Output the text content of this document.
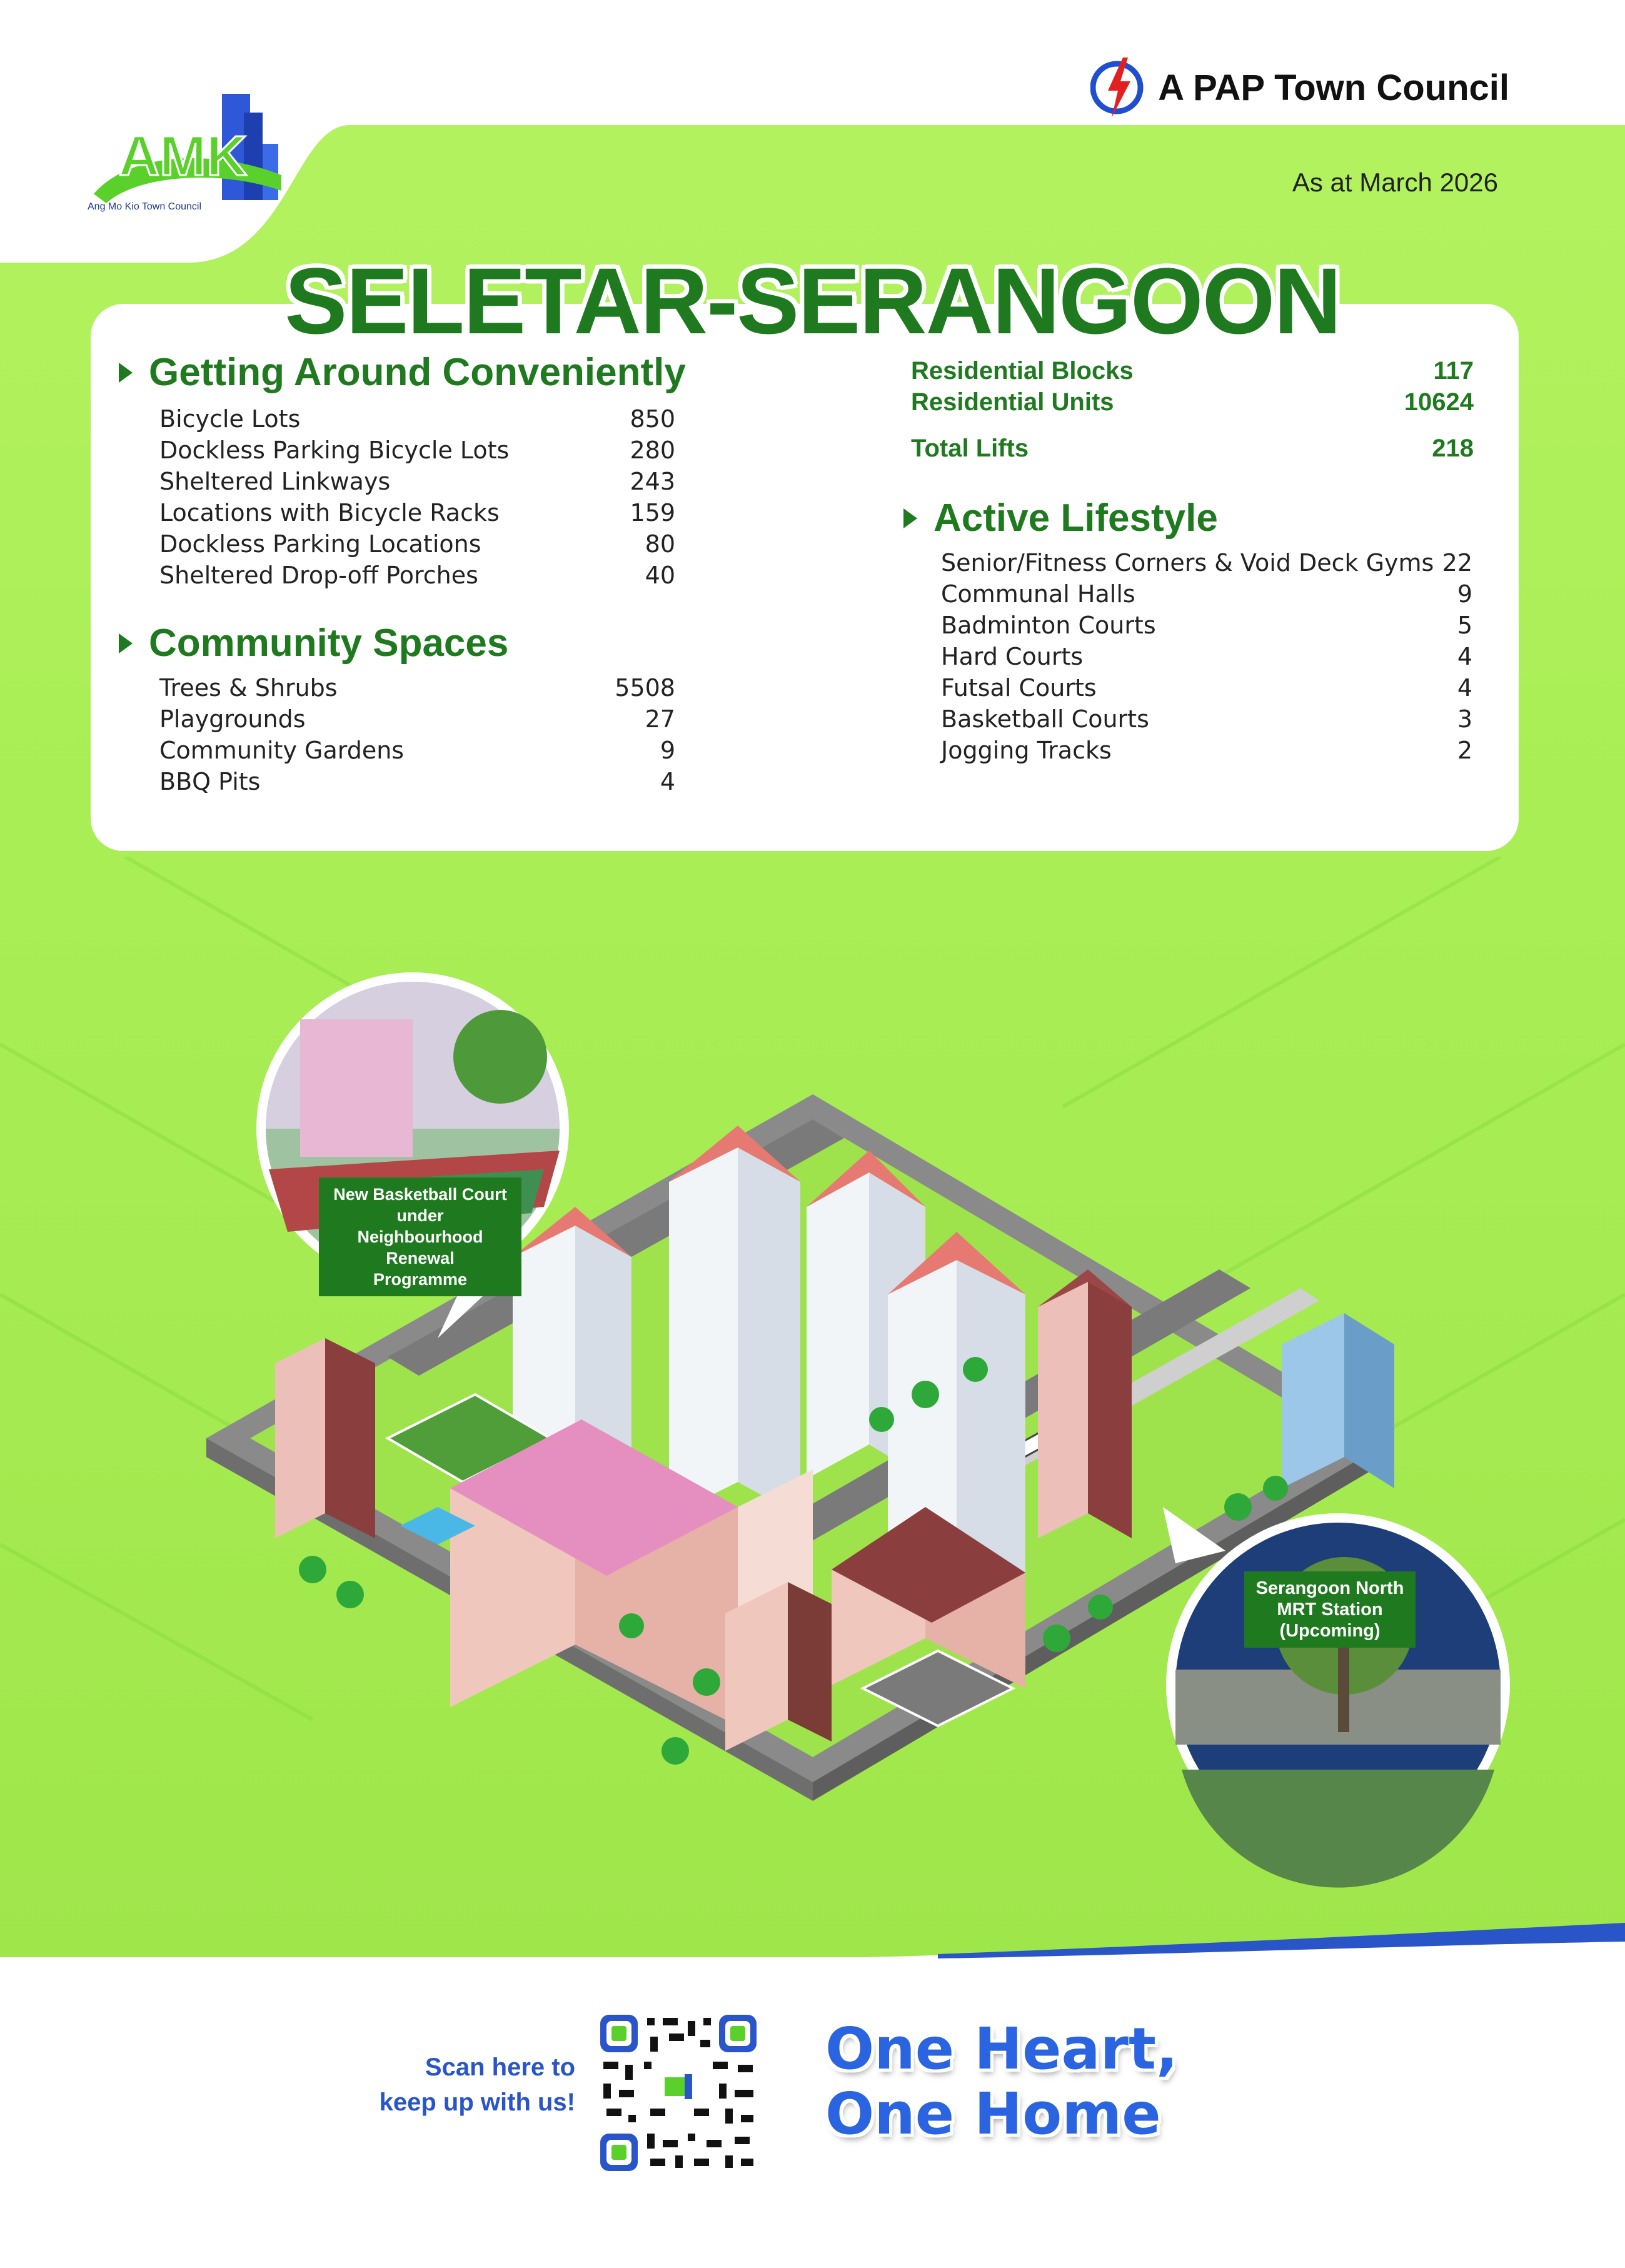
AMK
Ang Mo Kio Town Council
A PAP Town Council
As at March 2026
SELETAR-SERANGOON
Getting Around Conveniently
Bicycle Lots	850
Dockless Parking Bicycle Lots	280
Sheltered Linkways	243
Locations with Bicycle Racks	159
Dockless Parking Locations	80
Sheltered Drop-off Porches	40
Community Spaces
Trees & Shrubs	5508
Playgrounds	27
Community Gardens	9
BBQ Pits	4
Residential Blocks	117
Residential Units	10624
Total Lifts	218
Active Lifestyle
Senior/Fitness Corners & Void Deck Gyms 22
Communal Halls	9
Badminton Courts	5
Hard Courts	4
Futsal Courts	4
Basketball Courts	3
Jogging Tracks	2
New Basketball Court under
Neighbourhood Renewal
Programme
Serangoon North
MRT Station
(Upcoming)
Scan here to
keep up with us!
One Heart,
One Home
